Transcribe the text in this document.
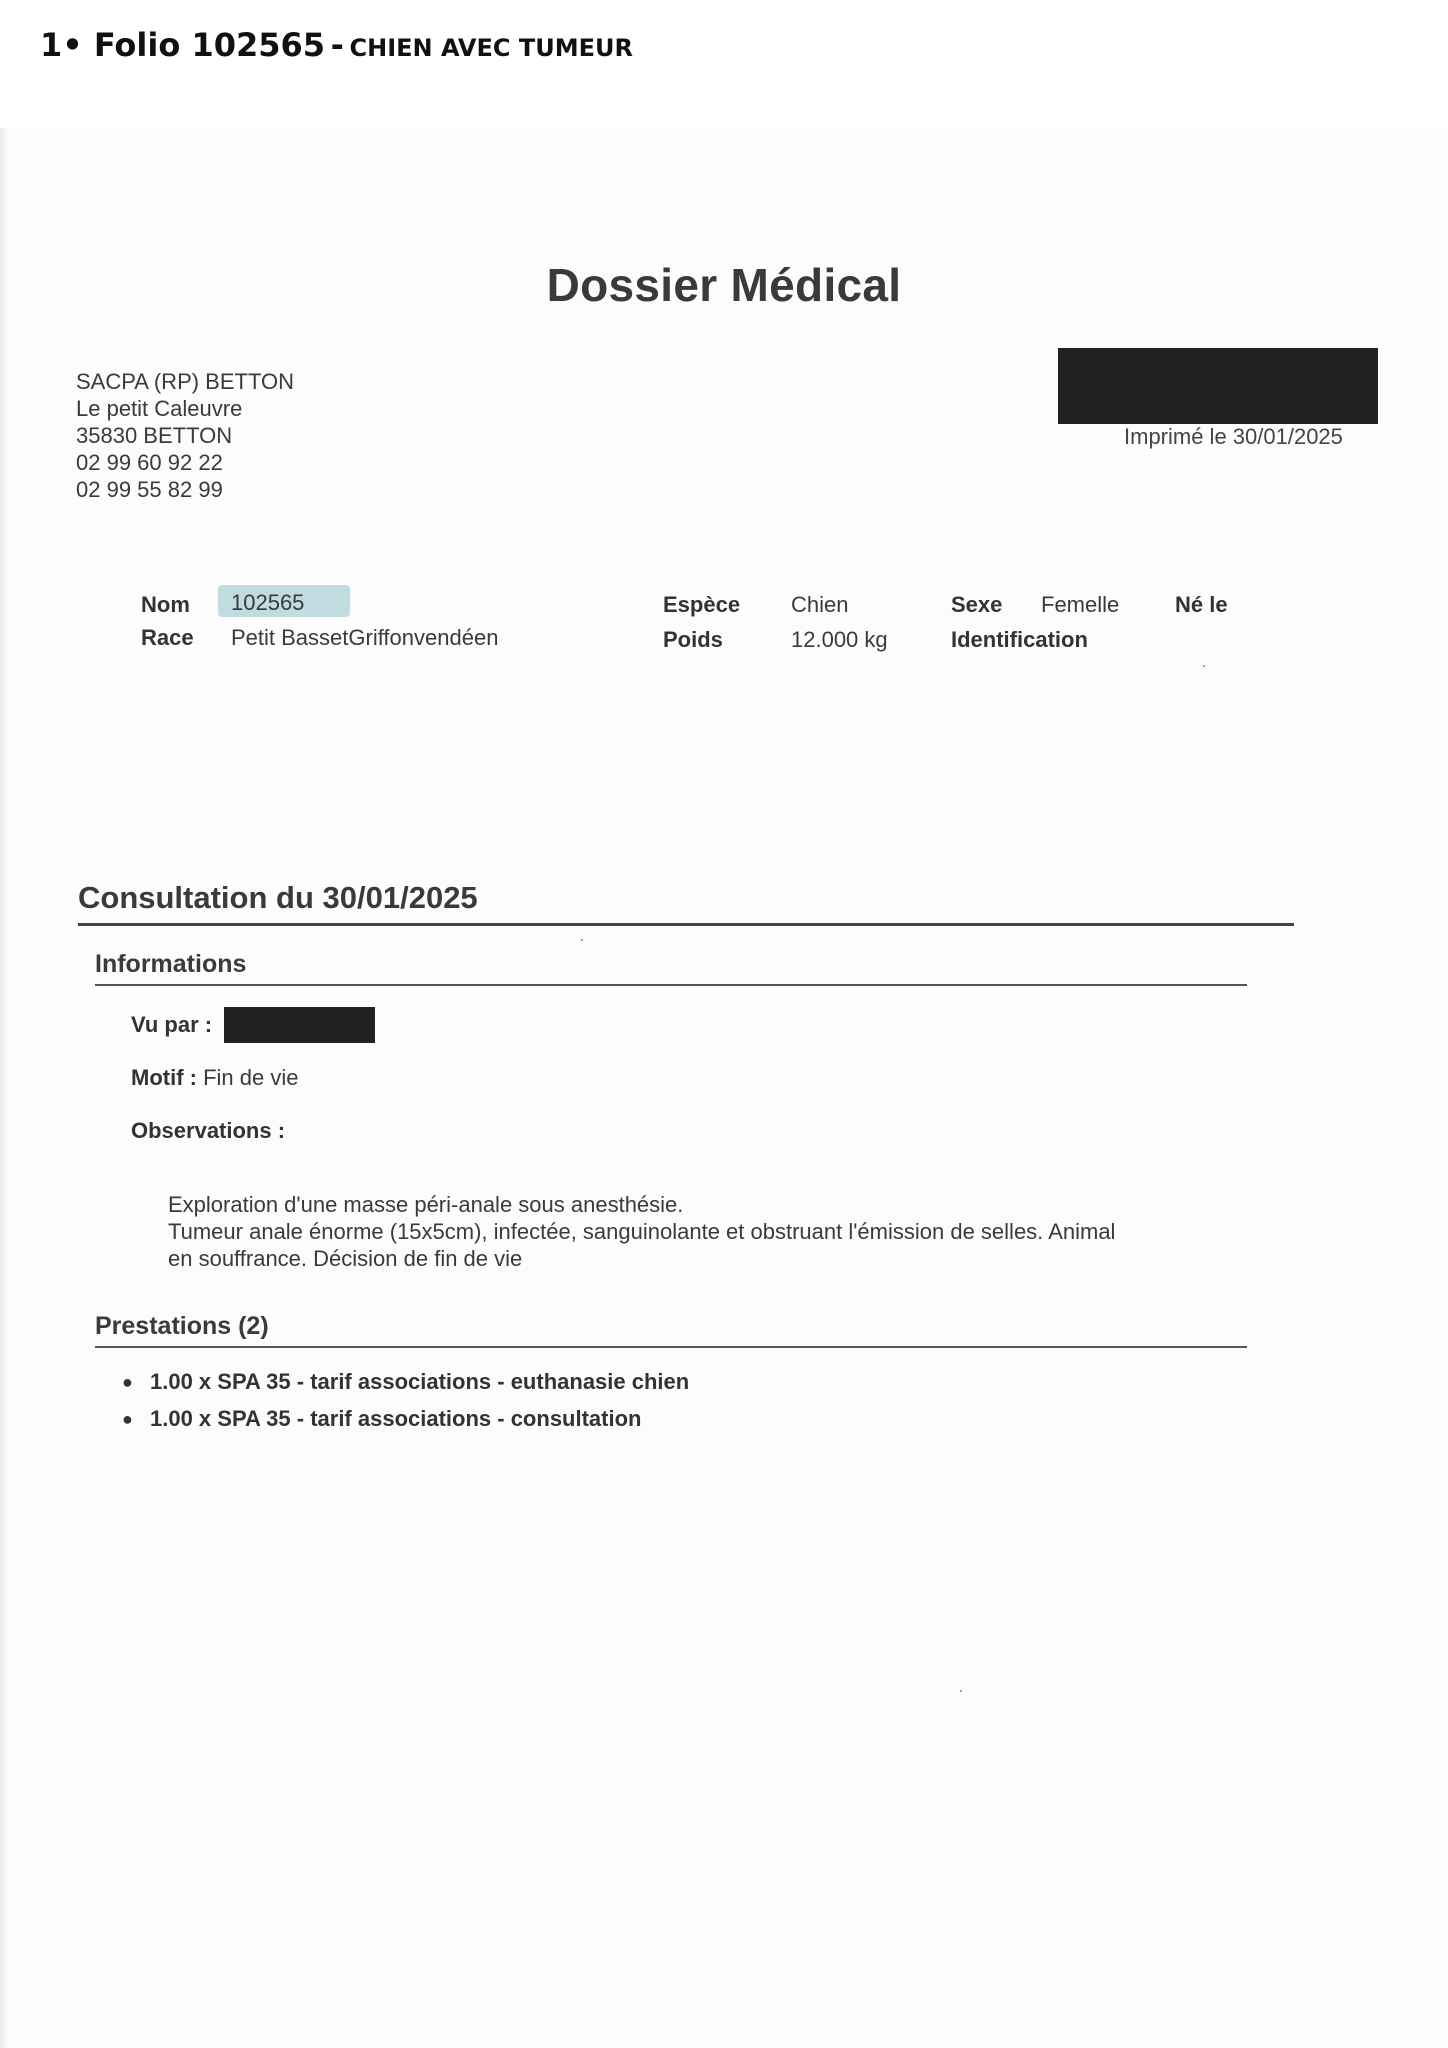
1• Folio 102565 - CHIEN AVEC TUMEUR
Dossier Médical
SACPA (RP) BETTON
Le petit Caleuvre
35830 BETTON
02 99 60 92 22
02 99 55 82 99
Imprimé le 30/01/2025
Nom 102565
Race Petit BassetGriffonvendéen
Espèce Chien
Poids	12.000 kg
Sexe Femelle
Identification
Né le
Consultation du 30/01/2025
Informations
Vu par :
Motif : Fin de vie
Observations :
Exploration d'une masse péri-anale sous anesthésie.
Tumeur anale énorme (15x5cm), infectée, sanguinolante et obstruant l'émission de selles. Animal
en souffrance. Décision de fin de vie
Prestations (2)
● 1.00 x SPA 35 - tarif associations - euthanasie chien
● 1.00 x SPA 35 - tarif associations - consultation
